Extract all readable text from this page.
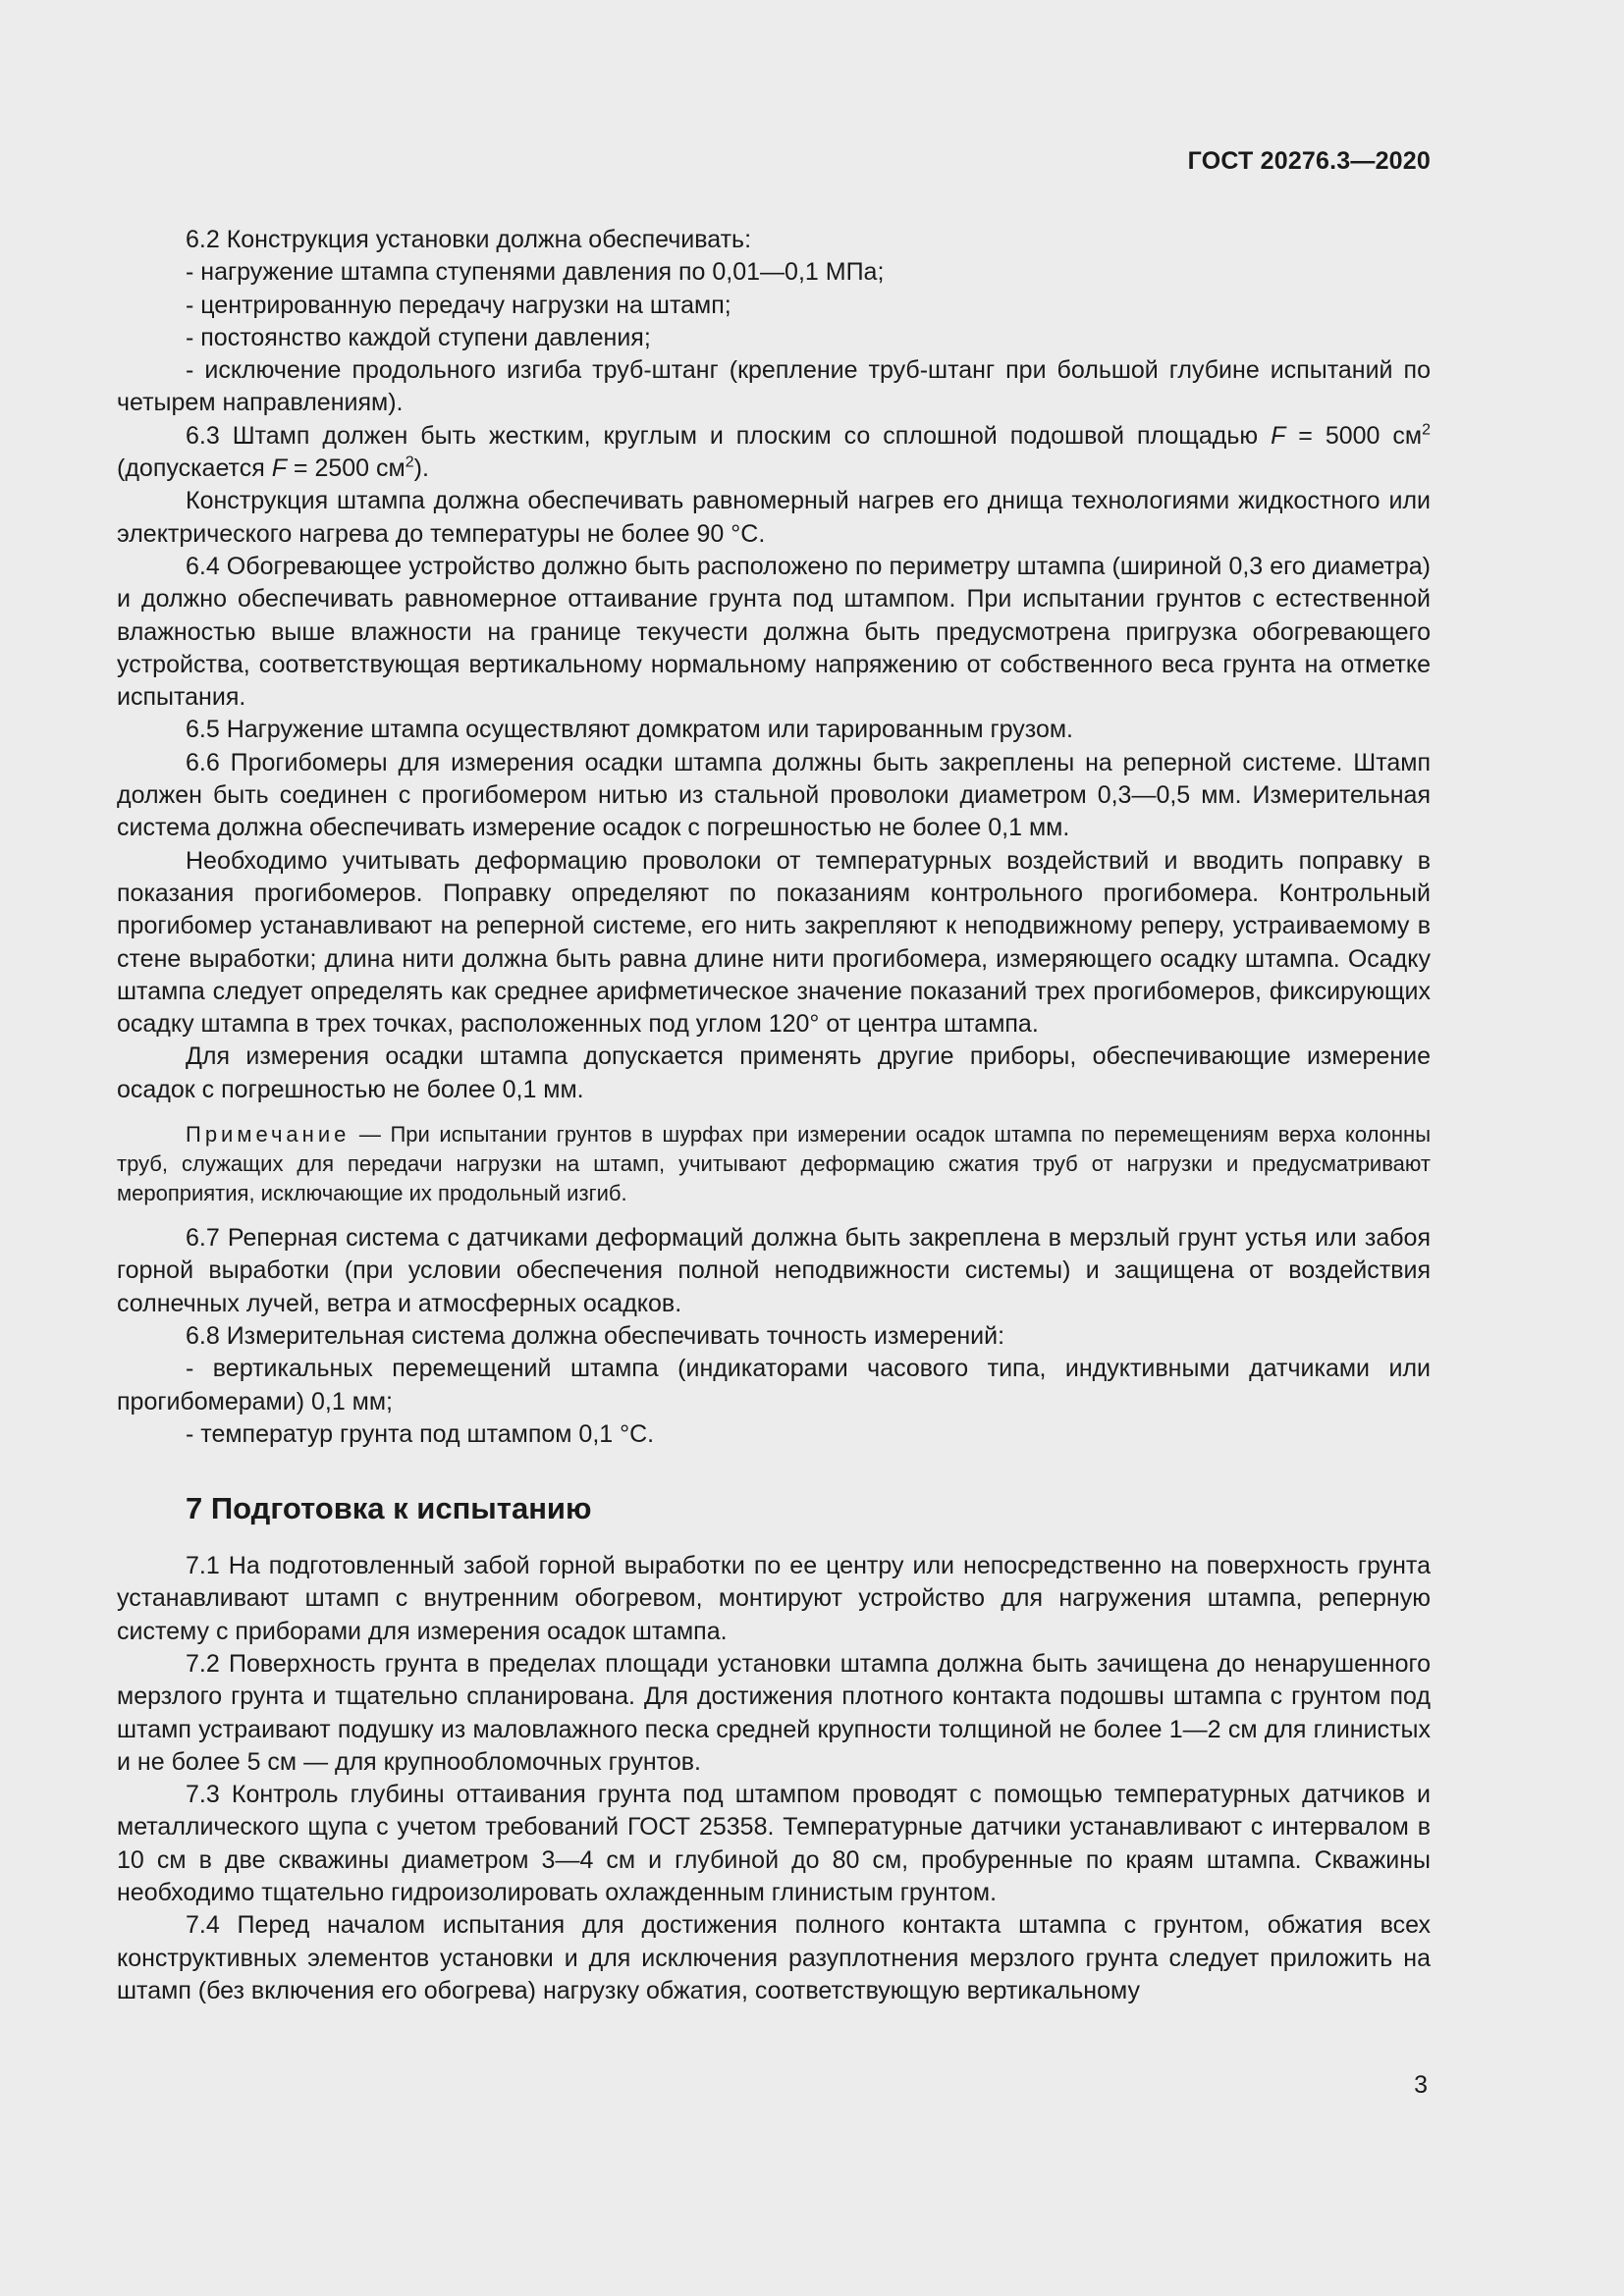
ГОСТ 20276.3—2020

6.2 Конструкция установки должна обеспечивать:

- нагружение штампа ступенями давления по 0,01—0,1 МПа;

- центрированную передачу нагрузки на штамп;

- постоянство каждой ступени давления;

- исключение продольного изгиба труб-штанг (крепление труб-штанг при большой глубине испытаний по четырем направлениям).

6.3 Штамп должен быть жестким, круглым и плоским со сплошной подошвой площадью F = 5000 $см^2$ (допускается F = 2500 $см^2$).

Конструкция штампа должна обеспечивать равномерный нагрев его днища технологиями жидкостного или электрического нагрева до температуры не более 90 °С.

6.4 Обогревающее устройство должно быть расположено по периметру штампа (шириной 0,3 его диаметра) и должно обеспечивать равномерное оттаивание грунта под штампом. При испытании грунтов с естественной влажностью выше влажности на границе текучести должна быть предусмотрена пригрузка обогревающего устройства, соответствующая вертикальному нормальному напряжению от собственного веса грунта на отметке испытания.

6.5 Нагружение штампа осуществляют домкратом или тарированным грузом.

6.6 Прогибомеры для измерения осадки штампа должны быть закреплены на реперной системе. Штамп должен быть соединен с прогибомером нитью из стальной проволоки диаметром 0,3—0,5 мм. Измерительная система должна обеспечивать измерение осадок с погрешностью не более 0,1 мм.

Необходимо учитывать деформацию проволоки от температурных воздействий и вводить поправку в показания прогибомеров. Поправку определяют по показаниям контрольного прогибомера. Контрольный прогибомер устанавливают на реперной системе, его нить закрепляют к неподвижному реперу, устраиваемому в стене выработки; длина нити должна быть равна длине нити прогибомера, измеряющего осадку штампа. Осадку штампа следует определять как среднее арифметическое значение показаний трех прогибомеров, фиксирующих осадку штампа в трех точках, расположенных под углом 120° от центра штампа.

Для измерения осадки штампа допускается применять другие приборы, обеспечивающие измерение осадок с погрешностью не более 0,1 мм.

Примечание — При испытании грунтов в шурфах при измерении осадок штампа по перемещениям верха колонны труб, служащих для передачи нагрузки на штамп, учитывают деформацию сжатия труб от нагрузки и предусматривают мероприятия, исключающие их продольный изгиб.

6.7 Реперная система с датчиками деформаций должна быть закреплена в мерзлый грунт устья или забоя горной выработки (при условии обеспечения полной неподвижности системы) и защищена от воздействия солнечных лучей, ветра и атмосферных осадков.

6.8 Измерительная система должна обеспечивать точность измерений:

- вертикальных перемещений штампа (индикаторами часового типа, индуктивными датчиками или прогибомерами) 0,1 мм;

- температур грунта под штампом 0,1 °С.

7 Подготовка к испытанию

7.1 На подготовленный забой горной выработки по ее центру или непосредственно на поверхность грунта устанавливают штамп с внутренним обогревом, монтируют устройство для нагружения штампа, реперную систему с приборами для измерения осадок штампа.

7.2 Поверхность грунта в пределах площади установки штампа должна быть зачищена до ненарушенного мерзлого грунта и тщательно спланирована. Для достижения плотного контакта подошвы штампа с грунтом под штамп устраивают подушку из маловлажного песка средней крупности толщиной не более 1—2 см для глинистых и не более 5 см — для крупнообломочных грунтов.

7.3 Контроль глубины оттаивания грунта под штампом проводят с помощью температурных датчиков и металлического щупа с учетом требований ГОСТ 25358. Температурные датчики устанавливают с интервалом в 10 см в две скважины диаметром 3—4 см и глубиной до 80 см, пробуренные по краям штампа. Скважины необходимо тщательно гидроизолировать охлажденным глинистым грунтом.

7.4 Перед началом испытания для достижения полного контакта штампа с грунтом, обжатия всех конструктивных элементов установки и для исключения разуплотнения мерзлого грунта следует приложить на штамп (без включения его обогрева) нагрузку обжатия, соответствующую вертикальному

3
